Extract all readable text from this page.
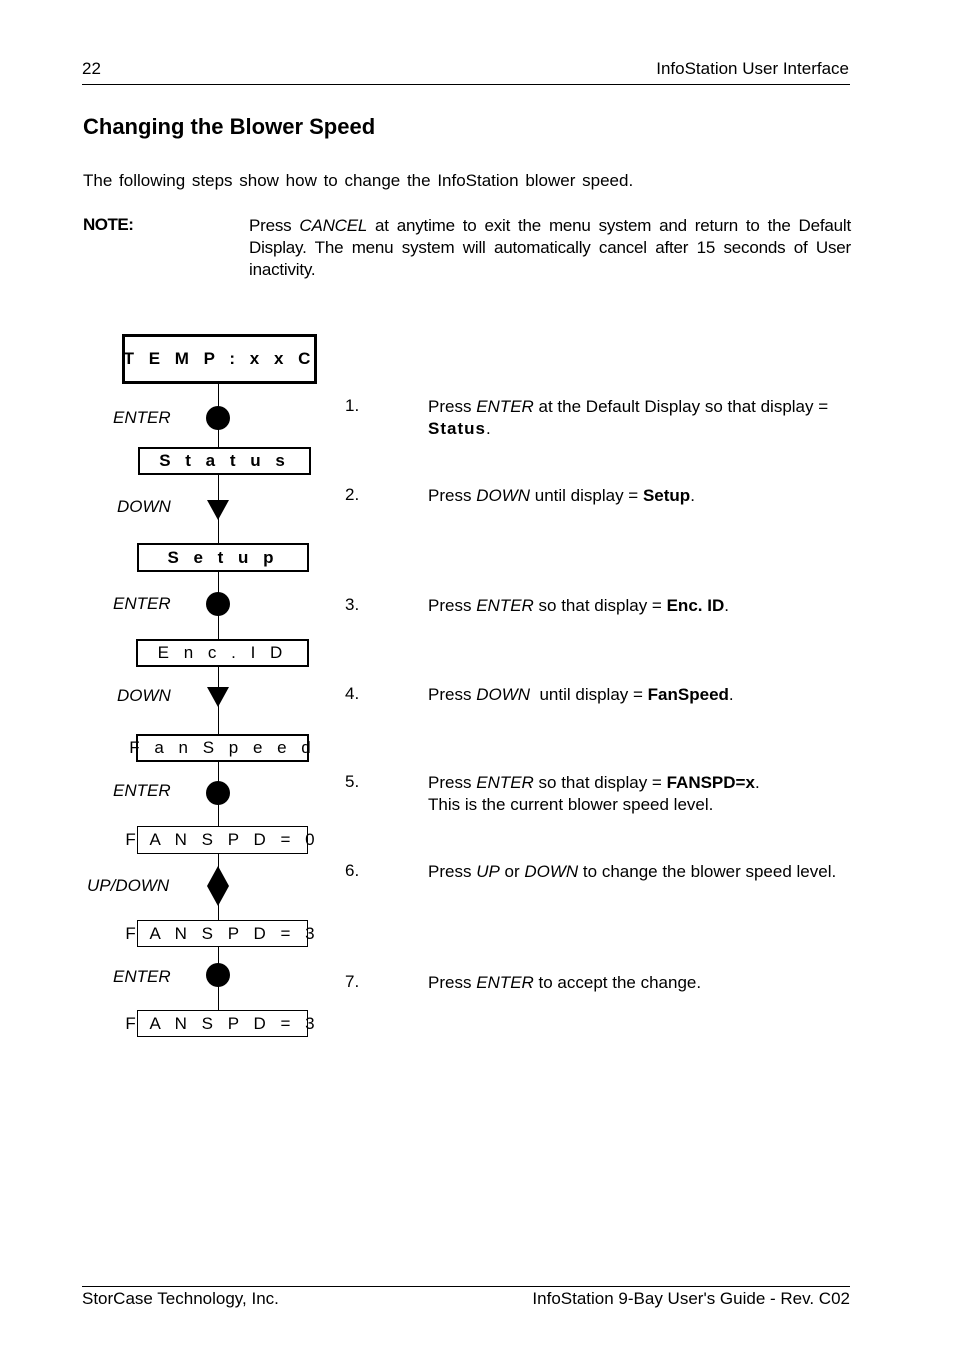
22	InfoStation User Interface
Changing the Blower Speed
The following steps show how to change the InfoStation blower speed.
NOTE:	Press CANCEL at anytime to exit the menu system and return to the Default Display. The menu system will automatically cancel after 15 seconds of User inactivity.
T E M P : x x C
S t a t u s
S e t u p
E n c . I D
F a n S p e e d
F A N S P D = 0
F A N S P D = 3
F A N S P D = 3
ENTER
DOWN
ENTER
DOWN
ENTER
UP/DOWN
ENTER
1.	Press ENTER at the Default Display so that display = Status.
2.	Press DOWN until display = Setup.
3.	Press ENTER so that display = Enc. ID.
4.	Press DOWN  until display = FanSpeed.
5.	Press ENTER so that display = FANSPD=x.
This is the current blower speed level.
6.	Press UP or DOWN to change the blower speed level.
7.	Press ENTER to accept the change.
StorCase Technology, Inc.	InfoStation 9-Bay User's Guide - Rev. C02
